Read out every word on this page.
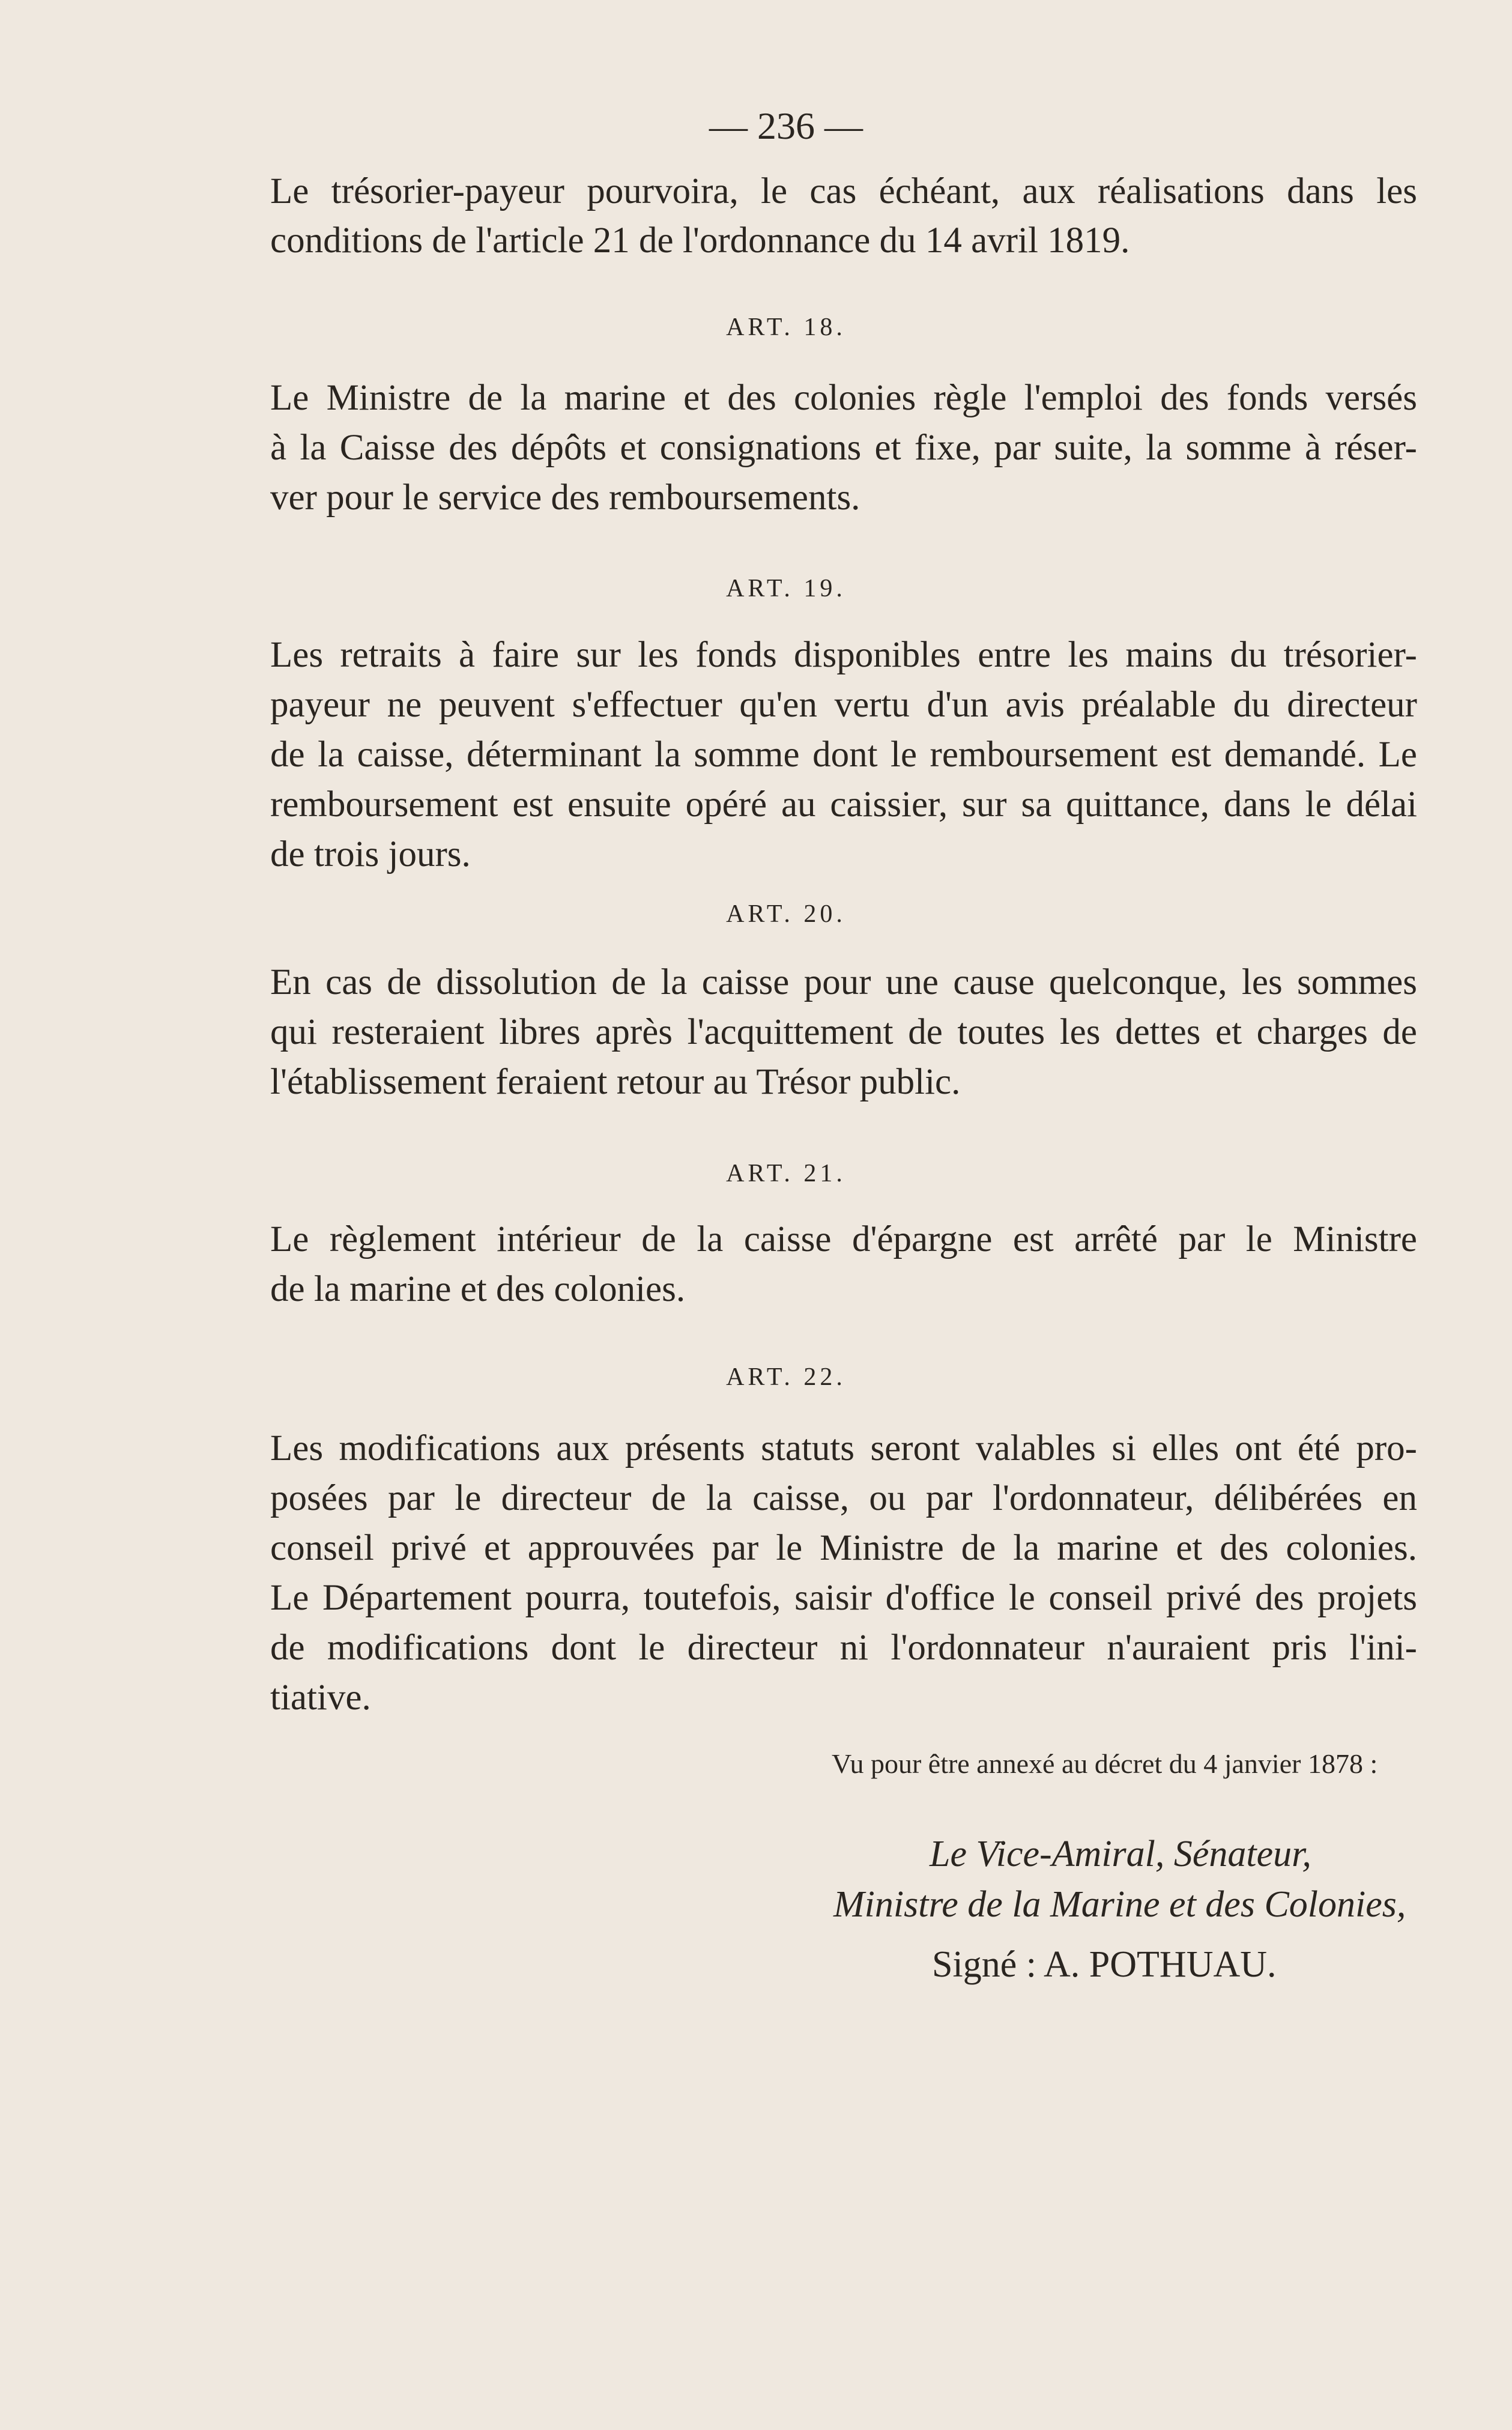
— 236 —
Le trésorier-payeur pourvoira, le cas échéant, aux réalisations dans les
conditions de l'article 21 de l'ordonnance du 14 avril 1819.
ART. 18.
Le Ministre de la marine et des colonies règle l'emploi des fonds versés
à la Caisse des dépôts et consignations et fixe, par suite, la somme à réser-
ver pour le service des remboursements.
ART. 19.
Les retraits à faire sur les fonds disponibles entre les mains du trésorier-
payeur ne peuvent s'effectuer qu'en vertu d'un avis préalable du directeur
de la caisse, déterminant la somme dont le remboursement est demandé. Le
remboursement est ensuite opéré au caissier, sur sa quittance, dans le délai
de trois jours.
ART. 20.
En cas de dissolution de la caisse pour une cause quelconque, les sommes
qui resteraient libres après l'acquittement de toutes les dettes et charges de
l'établissement feraient retour au Trésor public.
ART. 21.
Le règlement intérieur de la caisse d'épargne est arrêté par le Ministre
de la marine et des colonies.
ART. 22.
Les modifications aux présents statuts seront valables si elles ont été pro-
posées par le directeur de la caisse, ou par l'ordonnateur, délibérées en
conseil privé et approuvées par le Ministre de la marine et des colonies.
Le Département pourra, toutefois, saisir d'office le conseil privé des projets
de modifications dont le directeur ni l'ordonnateur n'auraient pris l'ini-
tiative.
Vu pour être annexé au décret du 4 janvier 1878 :
Le Vice-Amiral, Sénateur,
Ministre de la Marine et des Colonies,
Signé : A. POTHUAU.
